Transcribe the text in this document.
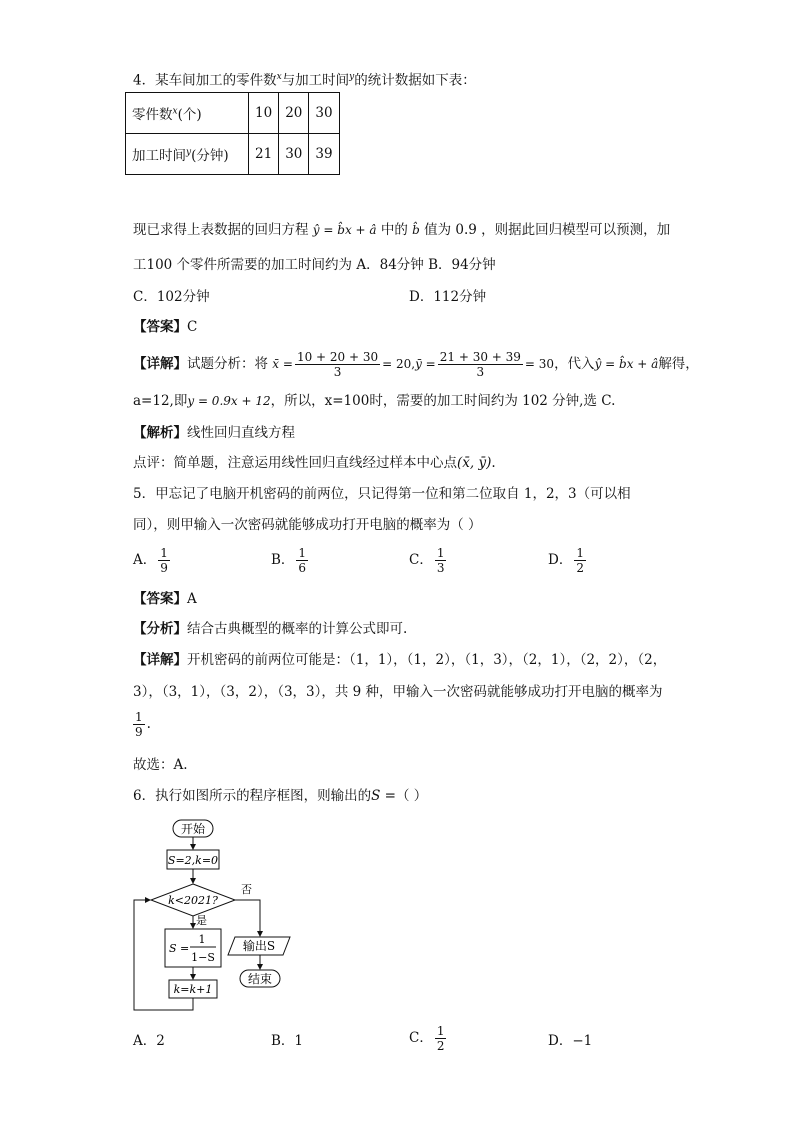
4．某车间加工的零件数$^x$与加工时间$^y$的统计数据如下表：
零件数$^x$(个)	10	20	30
加工时间$^y$(分钟)	21	30	39
现已求得上表数据的回归方程 ŷ = b̂x + â 中的 b̂ 值为 0.9 ，则据此回归模型可以预测，加
工100 个零件所需要的加工时间约为 A．84分钟 B．94分钟
C．102分钟	D．112分钟
【答案】C
【详解】试题分析：将 x̄ = $\frac{10 + 20 + 30}{3}$ = 20,ȳ = $\frac{21 + 30 + 39}{3} = 30$，代入ŷ = b̂x + â解得，
a=12,即y = 0.9x + 12，所以，x=100时，需要的加工时间约为 102 分钟,选 C.
【解析】线性回归直线方程
点评：简单题，注意运用线性回归直线经过样本中心点(x̄, ȳ).
5．甲忘记了电脑开机密码的前两位，只记得第一位和第二位取自 1，2，3（可以相
同），则甲输入一次密码就能够成功打开电脑的概率为（ ）
A． $\frac{1}{9}$	B． $\frac{1}{6}$	C． $\frac{1}{3}$	D． $\frac{1}{2}$
【答案】A
【分析】结合古典概型的概率的计算公式即可.
【详解】开机密码的前两位可能是：（1，1），（1，2），（1，3），（2，1），（2，2），（2，
3），（3，1），（3，2），（3，3），共 9 种，甲输入一次密码就能够成功打开电脑的概率为
$\frac{1}{9}$ .
故选：A.
6．执行如图所示的程序框图，则输出的S =（ ）
开始
S=2,k=0
k<2021?
否
是
S =
1
1−S
k=k+1
输出S
结束
A．2	B．1	C． $\frac{1}{2}$	D．−1
